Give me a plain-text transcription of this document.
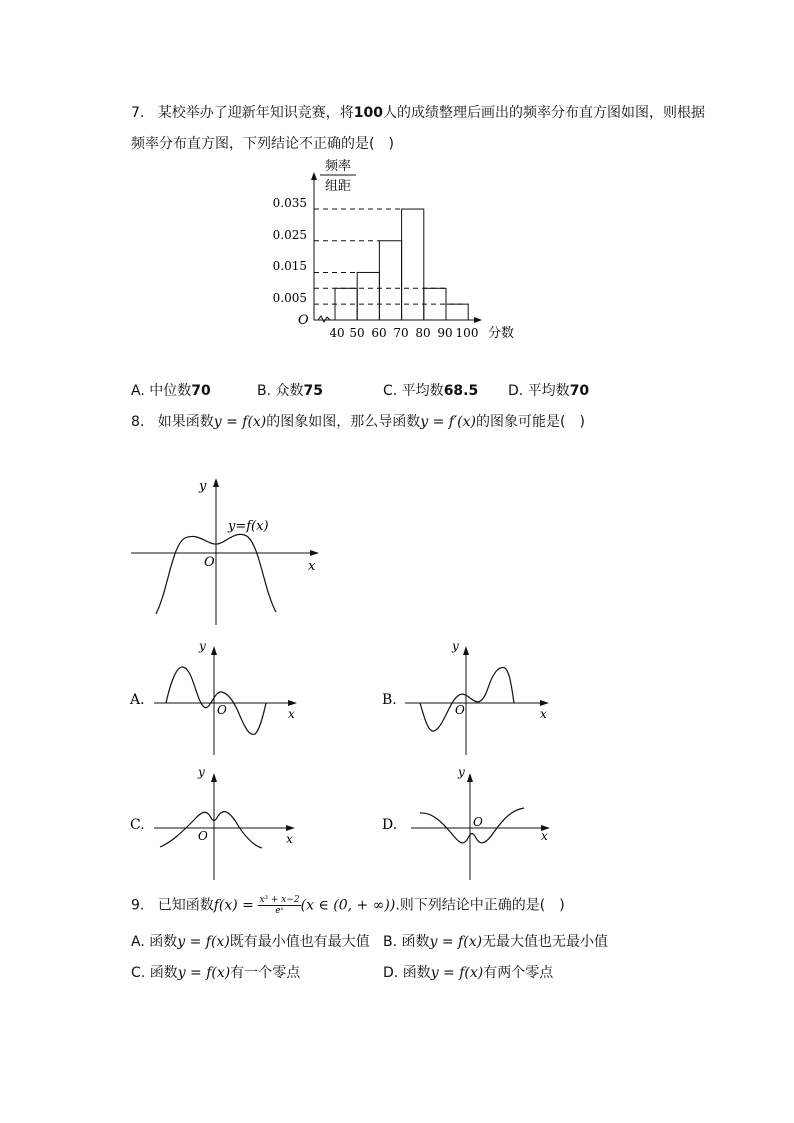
7. 某校举办了迎新年知识竞赛，将100人的成绩整理后画出的频率分布直方图如图，则根据
频率分布直方图，下列结论不正确的是(　)
频率
组距
O
分数
0.035
0.025
0.015
0.005
40 50 60 70 80 90 100
A. 中位数70	B. 众数75	C. 平均数68.5 D. 平均数70
8. 如果函数y = f(x)的图象如图，那么导函数y = f′(x)的图象可能是(　)
y
y=f(x)
O	x
A.
y
O	x
B.
y
O	x
C.
y
O	x
D.
y
O
x
9. 已知函数$f(x) = \frac{\text{x³ + x−2}}{\text{eˣ}} (x$ ∈ (0, + ∞)).则下列结论中正确的是(　)
A. 函数y = f(x)既有最小值也有最大值 B. 函数y = f(x)无最大值也无最小值
C. 函数y = f(x)有一个零点	D. 函数y = f(x)有两个零点
